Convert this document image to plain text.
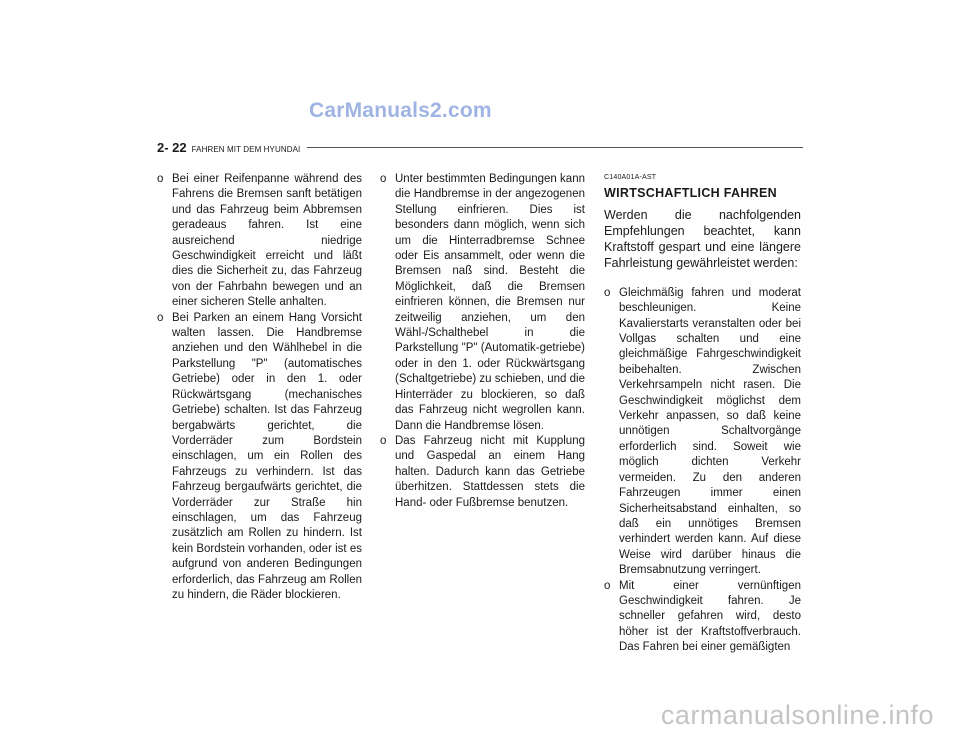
CarManuals2.com
2- 22 FAHREN MIT DEM HYUNDAI
o Bei einer Reifenpanne während des Fahrens die Bremsen sanft betätigen und das Fahrzeug beim Abbremsen geradeaus fahren. Ist eine ausreichend niedrige Geschwindigkeit erreicht und läßt dies die Sicherheit zu, das Fahrzeug von der Fahrbahn bewegen und an einer sicheren Stelle anhalten.
o Bei Parken an einem Hang Vorsicht walten lassen. Die Handbremse anziehen und den Wählhebel in die Parkstellung "P" (automatisches Getriebe) oder in den 1. oder Rückwärtsgang (mechanisches Getriebe) schalten. Ist das Fahrzeug bergabwärts gerichtet, die Vorderräder zum Bordstein einschlagen, um ein Rollen des Fahrzeugs zu verhindern. Ist das Fahrzeug bergaufwärts gerichtet, die Vorderräder zur Straße hin einschlagen, um das Fahrzeug zusätzlich am Rollen zu hindern. Ist kein Bordstein vorhanden, oder ist es aufgrund von anderen Bedingungen erforderlich, das Fahrzeug am Rollen zu hindern, die Räder blockieren.
o Unter bestimmten Bedingungen kann die Handbremse in der angezogenen Stellung einfrieren. Dies ist besonders dann möglich, wenn sich um die Hinterradbremse Schnee oder Eis ansammelt, oder wenn die Bremsen naß sind. Besteht die Möglichkeit, daß die Bremsen einfrieren können, die Bremsen nur zeitweilig anziehen, um den Wähl-/Schalthebel in die Parkstellung "P" (Automatik-getriebe) oder in den 1. oder Rückwärtsgang (Schaltgetriebe) zu schieben, und die Hinterräder zu blockieren, so daß das Fahrzeug nicht wegrollen kann. Dann die Handbremse lösen.
o Das Fahrzeug nicht mit Kupplung und Gaspedal an einem Hang halten. Dadurch kann das Getriebe überhitzen. Stattdessen stets die Hand- oder Fußbremse benutzen.
C140A01A-AST
WIRTSCHAFTLICH FAHREN
Werden die nachfolgenden Empfehlungen beachtet, kann Kraftstoff gespart und eine längere Fahrleistung gewährleistet werden:
o Gleichmäßig fahren und moderat beschleunigen. Keine Kavalierstarts veranstalten oder bei Vollgas schalten und eine gleichmäßige Fahrgeschwindigkeit beibehalten. Zwischen Verkehrsampeln nicht rasen. Die Geschwindigkeit möglichst dem Verkehr anpassen, so daß keine unnötigen Schaltvorgänge erforderlich sind. Soweit wie möglich dichten Verkehr vermeiden. Zu den anderen Fahrzeugen immer einen Sicherheitsabstand einhalten, so daß ein unnötiges Bremsen verhindert werden kann. Auf diese Weise wird darüber hinaus die Bremsabnutzung verringert.
o Mit einer vernünftigen Geschwindigkeit fahren. Je schneller gefahren wird, desto höher ist der Kraftstoffverbrauch. Das Fahren bei einer gemäßigten
carmanualsonline.info
